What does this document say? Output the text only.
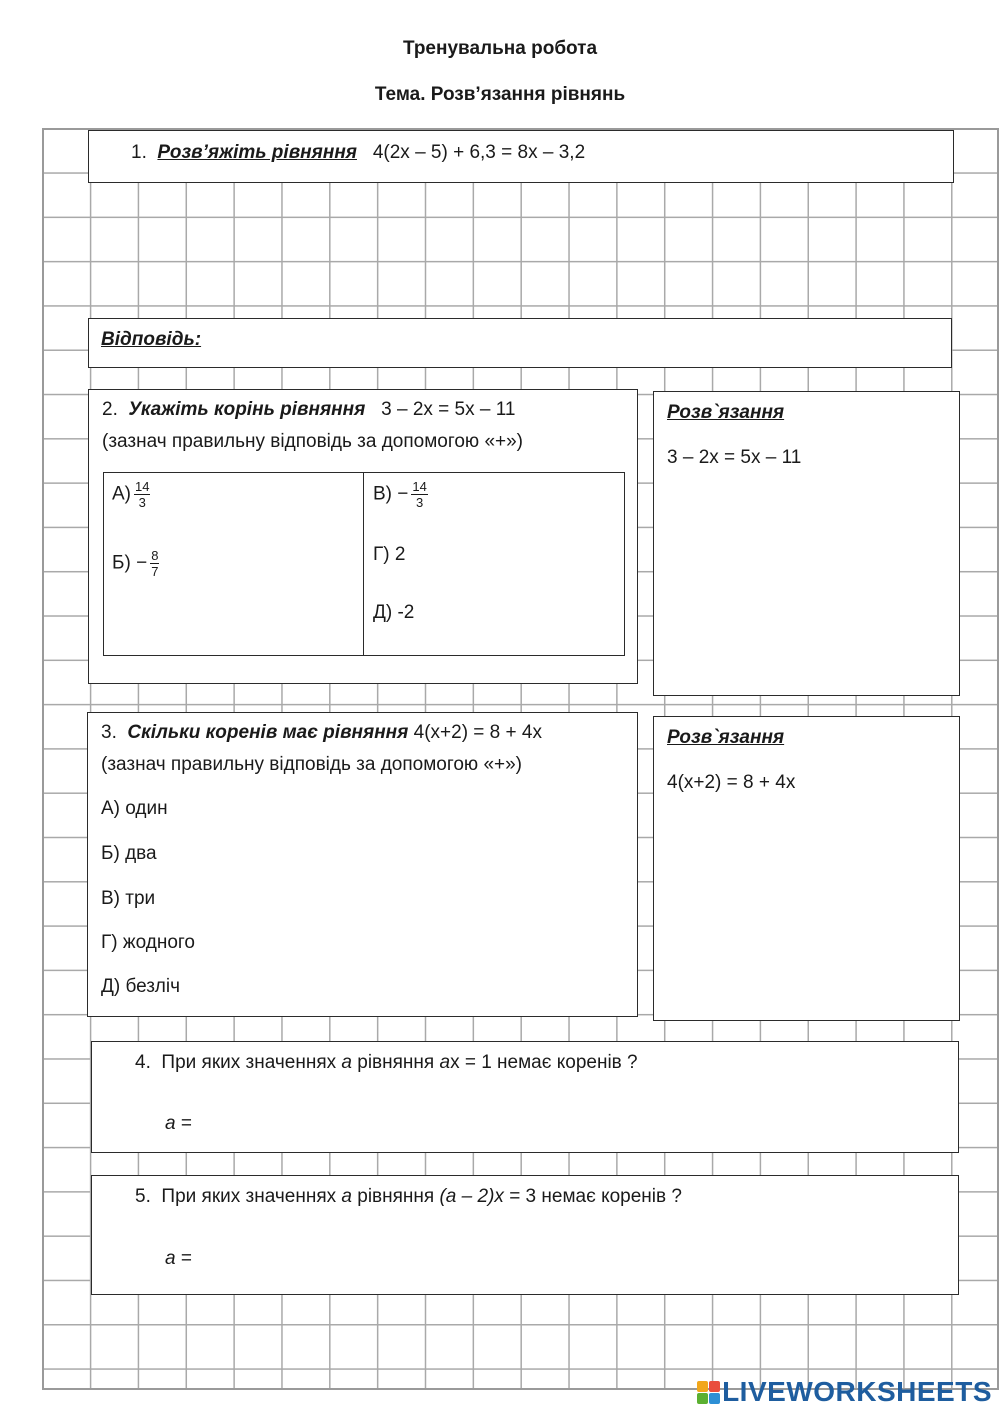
Тренувальна робота
Тема. Розв’язання рівнянь
1. Розв’яжіть рівняння 4(2x – 5) + 6,3 = 8x – 3,2
Відповідь:
2. Укажіть корінь рівняння 3 – 2x = 5x – 11
(зазнач правильну відповідь за допомогою «+»)
$А) \frac{14}{3}$
$Б) - \frac{8}{7}$
$В) - \frac{14}{3}$
Г) 2
Д) -2
Розв`язання
3 – 2x = 5x – 11
3. Скільки коренів має рівняння 4(x+2) = 8 + 4x
(зазнач правильну відповідь за допомогою «+»)
А) один
Б) два
В) три
Г) жодного
Д) безліч
Розв`язання
4(x+2) = 8 + 4x
4. При яких значеннях а рівняння аx = 1 немає коренів ?
а =
5. При яких значеннях а рівняння (а – 2)x = 3 немає коренів ?
а =
LIVEWORKSHEETS
